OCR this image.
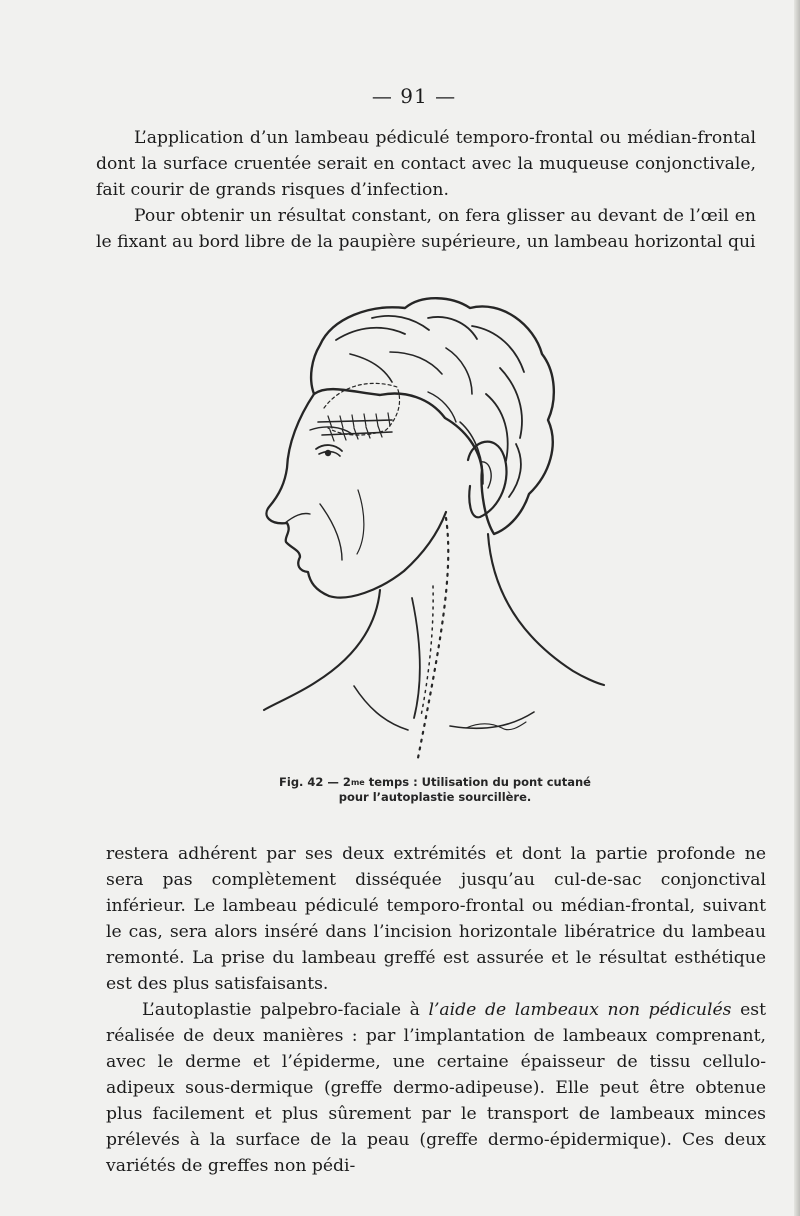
— 91 —

L’application d’un lambeau pédiculé temporo-frontal ou médian-frontal dont la surface cruentée serait en contact avec la muqueuse conjonctivale, fait courir de grands risques d’infection.

Pour obtenir un résultat constant, on fera glisser au devant de l’œil en le fixant au bord libre de la paupière supérieure, un lambeau horizontal qui

Fig. 42 — $2^{me}$ temps : Utilisation du pont cutané
pour l’autoplastie sourcillère.

restera adhérent par ses deux extrémités et dont la partie profonde ne sera pas complètement disséquée jusqu’au cul-de-sac conjonctival inférieur. Le lambeau pédiculé temporo-frontal ou médian-frontal, suivant le cas, sera alors inséré dans l’incision horizontale libératrice du lambeau remonté. La prise du lambeau greffé est assurée et le résultat esthétique est des plus satisfaisants.

L’autoplastie palpebro-faciale à l’aide de lambeaux non pédiculés est réalisée de deux manières : par l’implantation de lambeaux comprenant, avec le derme et l’épiderme, une certaine épaisseur de tissu cellulo-adipeux sous-dermique (greffe dermo-adipeuse). Elle peut être obtenue plus facilement et plus sûrement par le transport de lambeaux minces prélevés à la surface de la peau (greffe dermo-épidermique). Ces deux variétés de greffes non pédi-
